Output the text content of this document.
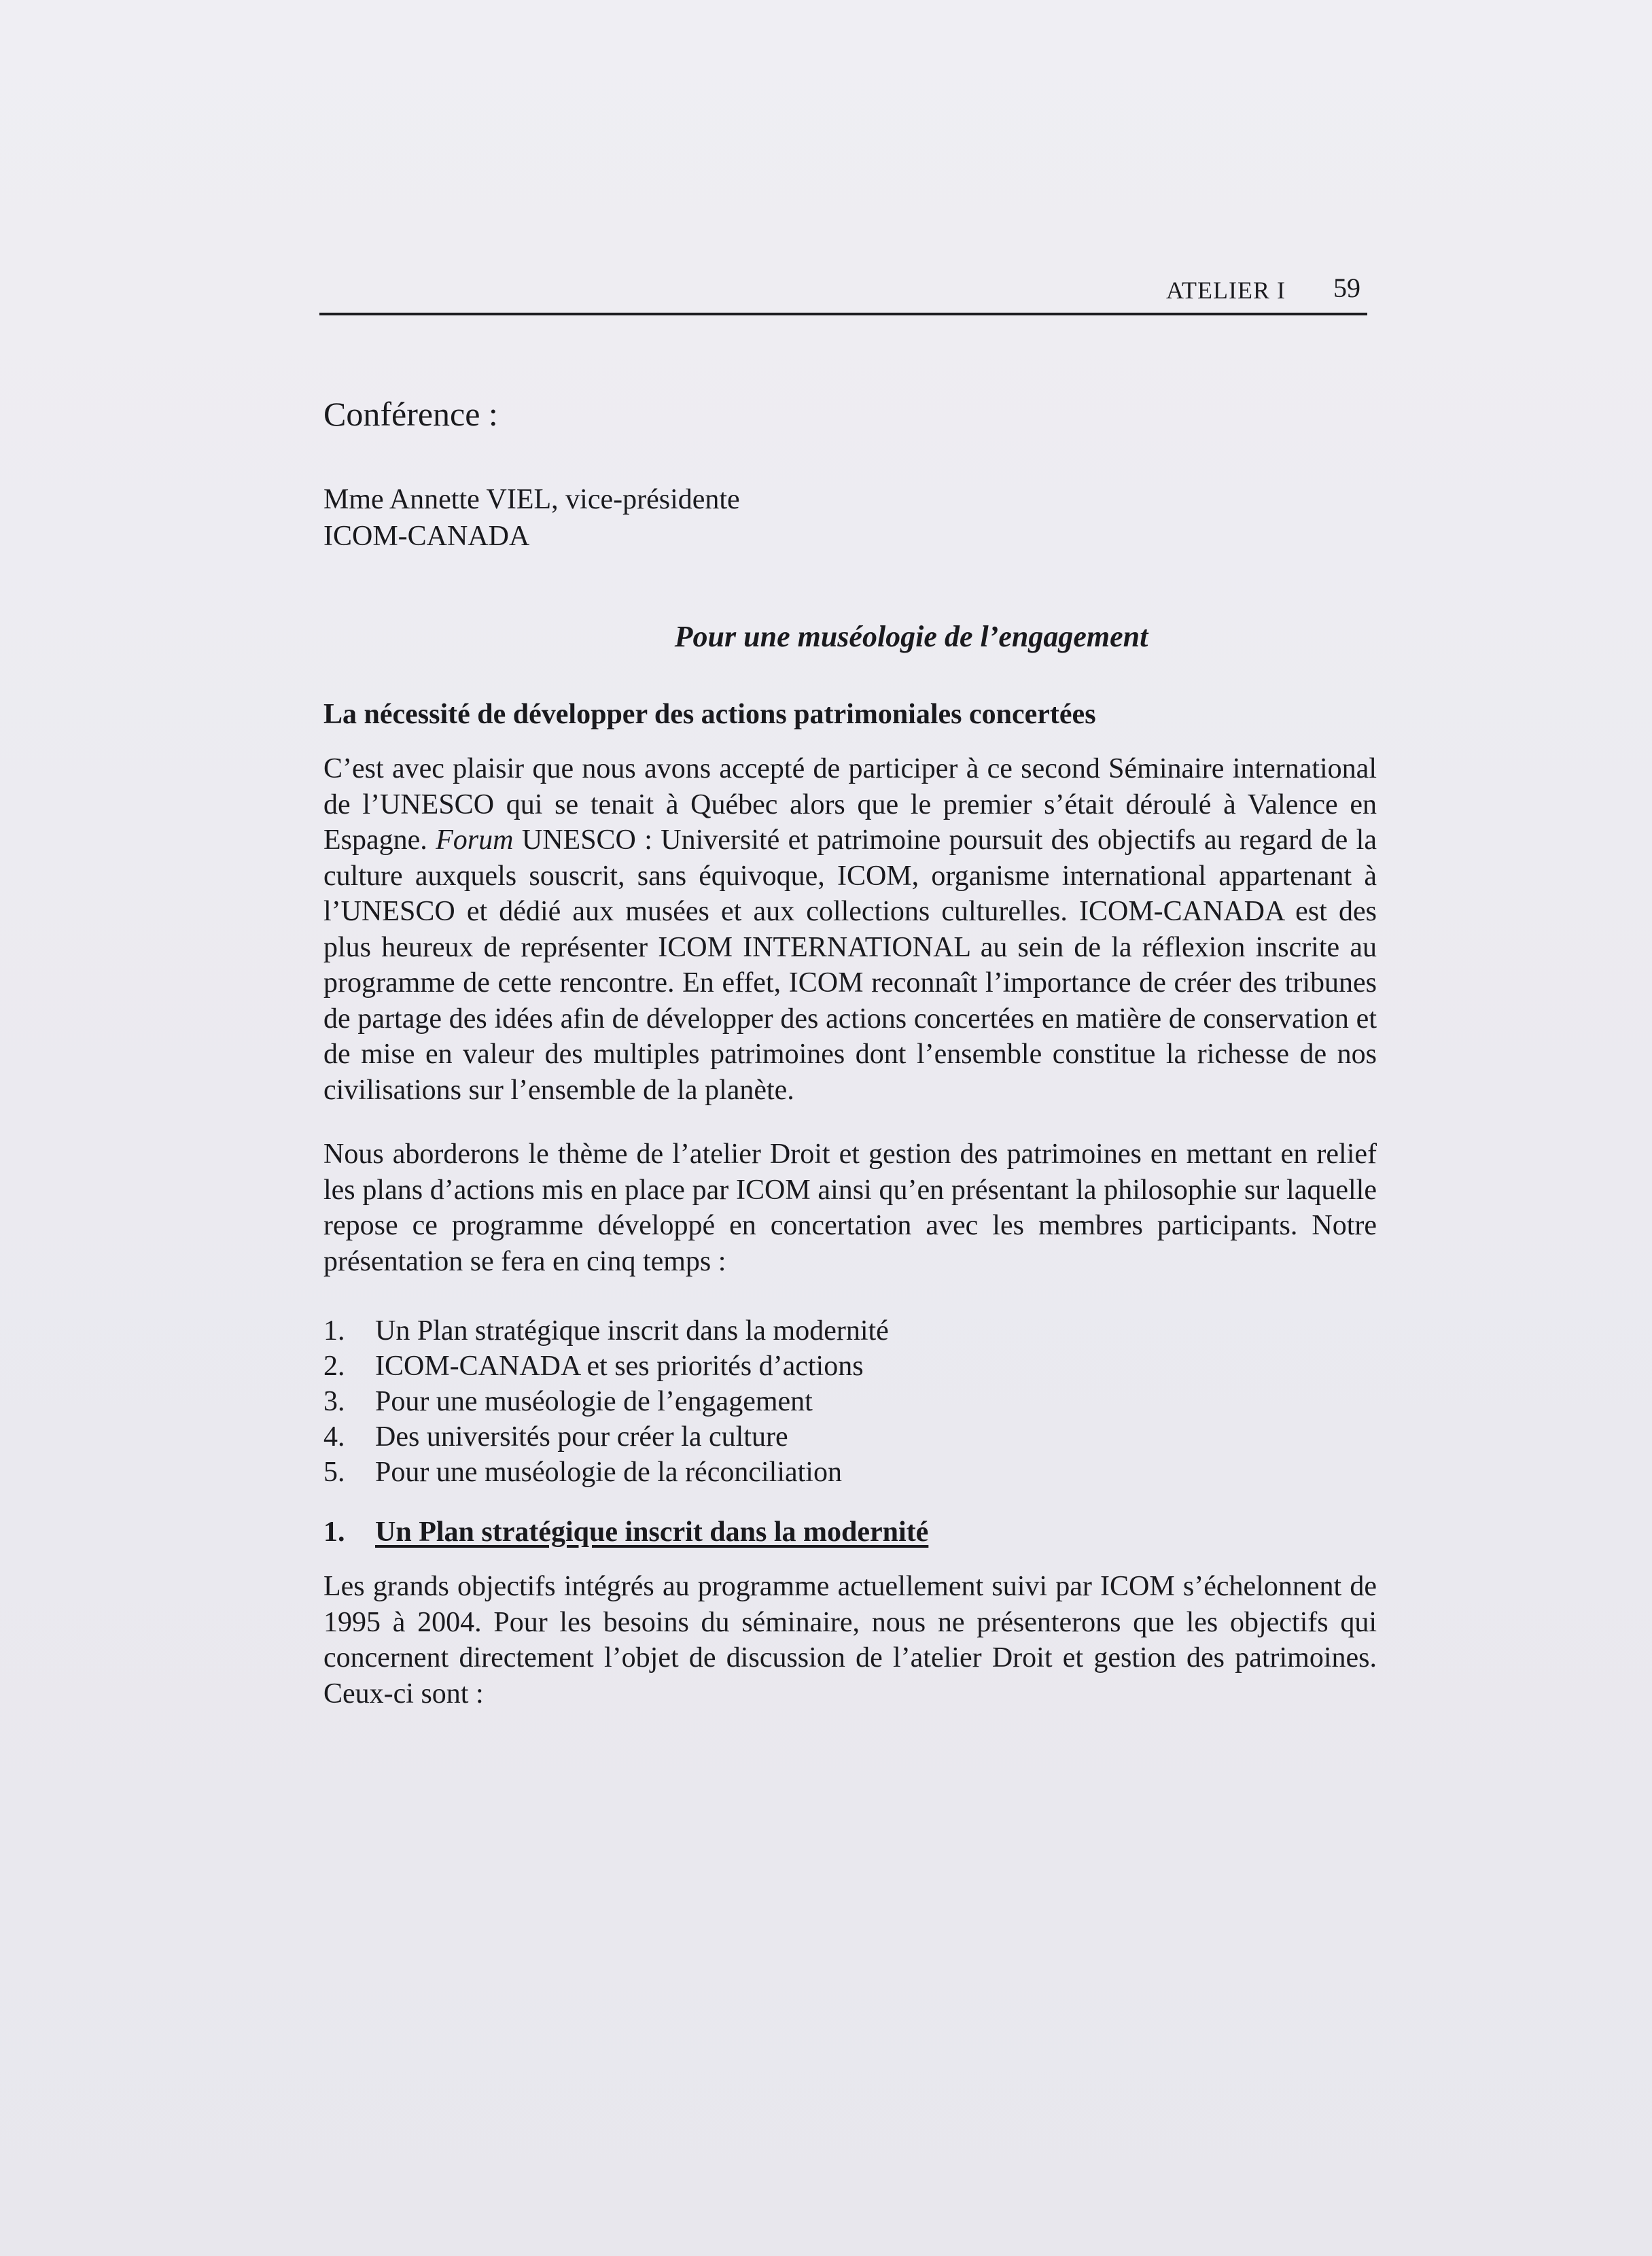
ATELIER I 59
Conférence :
Mme Annette VIEL, vice-présidente
ICOM-CANADA
Pour une muséologie de l’engagement
La nécessité de développer des actions patrimoniales concertées

C’est avec plaisir que nous avons accepté de participer à ce second Séminaire international de l’UNESCO qui se tenait à Québec alors que le premier s’était déroulé à Valence en Espagne. Forum UNESCO : Université et patrimoine poursuit des objectifs au regard de la culture auxquels souscrit, sans équivoque, ICOM, organisme international appartenant à l’UNESCO et dédié aux musées et aux collections culturelles. ICOM-CANADA est des plus heureux de représenter ICOM INTERNATIONAL au sein de la réflexion inscrite au programme de cette rencontre. En effet, ICOM reconnaît l’importance de créer des tribunes de partage des idées afin de développer des actions concertées en matière de conservation et de mise en valeur des multiples patrimoines dont l’ensemble constitue la richesse de nos civilisations sur l’ensemble de la planète.

Nous aborderons le thème de l’atelier Droit et gestion des patrimoines en mettant en relief les plans d’actions mis en place par ICOM ainsi qu’en présentant la philosophie sur laquelle repose ce programme développé en concertation avec les membres participants. Notre présentation se fera en cinq temps :

1.	Un Plan stratégique inscrit dans la modernité
2.	ICOM-CANADA et ses priorités d’actions
3.	Pour une muséologie de l’engagement
4.	Des universités pour créer la culture
5.	Pour une muséologie de la réconciliation
1.	Un Plan stratégique inscrit dans la modernité

Les grands objectifs intégrés au programme actuellement suivi par ICOM s’échelonnent de 1995 à 2004. Pour les besoins du séminaire, nous ne présenterons que les objectifs qui concernent directement l’objet de discussion de l’atelier Droit et gestion des patrimoines. Ceux-ci sont :
